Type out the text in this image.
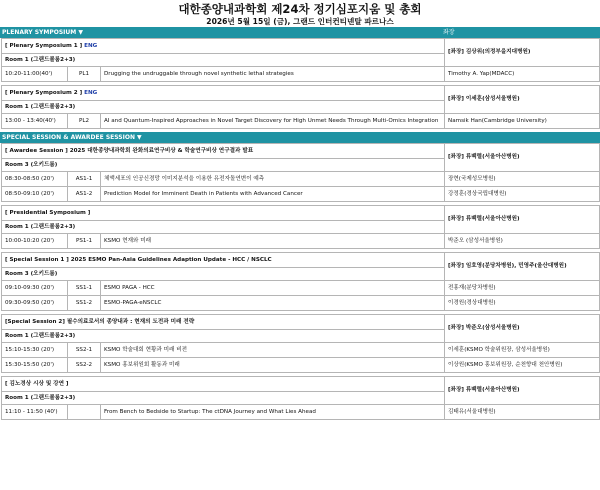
대한종양내과학회 제24차 정기심포지움 및 총회
2026년 5월 15일 (금), 그랜드 인터컨티넨탈 파르나스
PLENARY SYMPOSIUM ▼	좌장
[ Plenary Symposium 1 ] ENG			[좌장] 김상위(의정부을지대병원)
Room 1 (그랜드볼룸2+3)			
10:20-11:00(40')	PL1	Drugging the undruggable through novel synthetic lethal strategies	Timothy A. Yap(MDACC)

[ Plenary Symposium 2 ] ENG			[좌장] 이세훈(삼성서울병원)
Room 1 (그랜드볼룸2+3)			
13:00 - 13:40(40')	PL2	AI and Quantum-Inspired Approaches in Novel Target Discovery for High Unmet Needs Through Multi-Omics Integration	Namsik Han(Cambridge University)
SPECIAL SESSION & AWARDEE SESSION ▼
[ Awardee Session ] 2025 대한종양내과학회 완화의료연구비상 & 학술연구비상 연구결과 발표			[좌장] 류백렬(서울아산병원)
Room 3 (오키드룸)			
08:30-08:50 (20')	AS1-1	체액세포의 인공신경망 이미지분석을 이용한 유전자돌연변이 예측	장현(국제성모병원)
08:50-09:10 (20')	AS1-2	Prediction Model for Imminent Death in Patients with Advanced Cancer	강정훈(경상국립대병원)

[ Presidential Symposium ]			[좌장] 류백렬(서울아산병원)
Room 1 (그랜드볼룸2+3)			
10:00-10:20 (20')	PS1-1	KSMO 현재와 미래	박준오 (삼성서울병원)

[ Special Session 1 ] 2025 ESMO Pan-Asia Guidelines Adaption Update - HCC / NSCLC			[좌장] 임호영(분당차병원), 민영주(울산대병원)
Room 3 (오키드룸)			
09:10-09:30 (20')	SS1-1	ESMO PAGA - HCC	전홍재(분당차병원)
09:30-09:50 (20')	SS1-2	ESMO-PAGA-eNSCLC	이경원(경상대병원)

[Special Session 2] 필수의료로서의 종양내과 : 현재의 도전과 미래 전략			[좌장] 박준오(삼성서울병원)
Room 1 (그랜드볼룸2+3)			
15:10-15:30 (20')	SS2-1	KSMO 학술대회 현황과 미래 비전	이세훈(KSMO 학술위원장, 삼성서울병원)
15:30-15:50 (20')	SS2-2	KSMO 홍보위원회 활동과 미래	이상원(KSMO 홍보위원장, 순천향대 천안병원)

[ 김노경상 시상 및 강연 ]			[좌장] 류백렬(서울아산병원)
Room 1 (그랜드볼룸2+3)			
11:10 - 11:50 (40')		From Bench to Bedside to Startup: The ctDNA Journey and What Lies Ahead	김태유(서울대병원)
